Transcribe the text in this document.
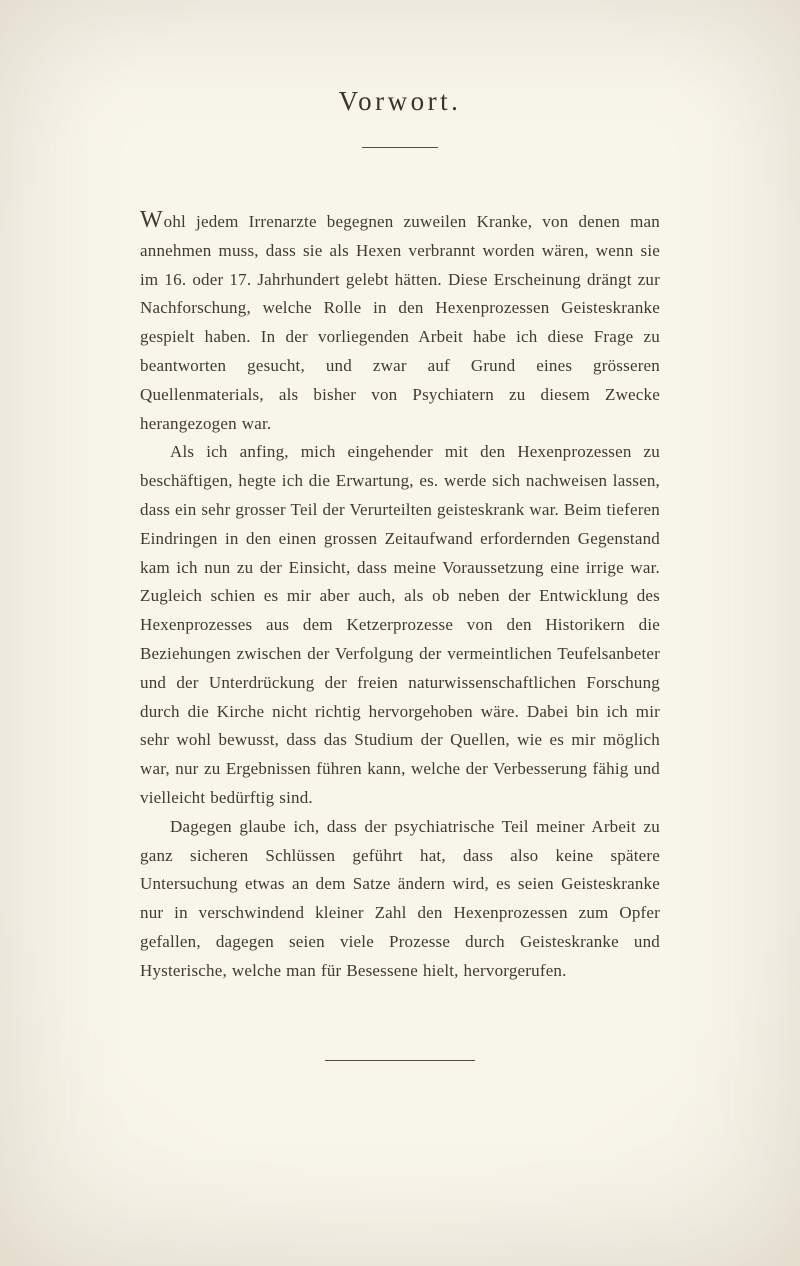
Vorwort.

Wohl jedem Irrenarzte begegnen zuweilen Kranke, von denen man annehmen muss, dass sie als Hexen verbrannt worden wären, wenn sie im 16. oder 17. Jahrhundert gelebt hätten. Diese Erscheinung drängt zur Nachforschung, welche Rolle in den Hexenprozessen Geisteskranke gespielt haben. In der vorliegenden Arbeit habe ich diese Frage zu beantworten gesucht, und zwar auf Grund eines grösseren Quellenmaterials, als bisher von Psychiatern zu diesem Zwecke herangezogen war.

Als ich anfing, mich eingehender mit den Hexenprozessen zu beschäftigen, hegte ich die Erwartung, es. werde sich nachweisen lassen, dass ein sehr grosser Teil der Verurteilten geisteskrank war. Beim tieferen Eindringen in den einen grossen Zeitaufwand erfordernden Gegenstand kam ich nun zu der Einsicht, dass meine Voraussetzung eine irrige war. Zugleich schien es mir aber auch, als ob neben der Entwicklung des Hexenprozesses aus dem Ketzerprozesse von den Historikern die Beziehungen zwischen der Verfolgung der vermeintlichen Teufelsanbeter und der Unterdrückung der freien naturwissenschaftlichen Forschung durch die Kirche nicht richtig hervorgehoben wäre. Dabei bin ich mir sehr wohl bewusst, dass das Studium der Quellen, wie es mir möglich war, nur zu Ergebnissen führen kann, welche der Verbesserung fähig und vielleicht bedürftig sind.

Dagegen glaube ich, dass der psychiatrische Teil meiner Arbeit zu ganz sicheren Schlüssen geführt hat, dass also keine spätere Untersuchung etwas an dem Satze ändern wird, es seien Geisteskranke nur in verschwindend kleiner Zahl den Hexenprozessen zum Opfer gefallen, dagegen seien viele Prozesse durch Geisteskranke und Hysterische, welche man für Besessene hielt, hervorgerufen.
